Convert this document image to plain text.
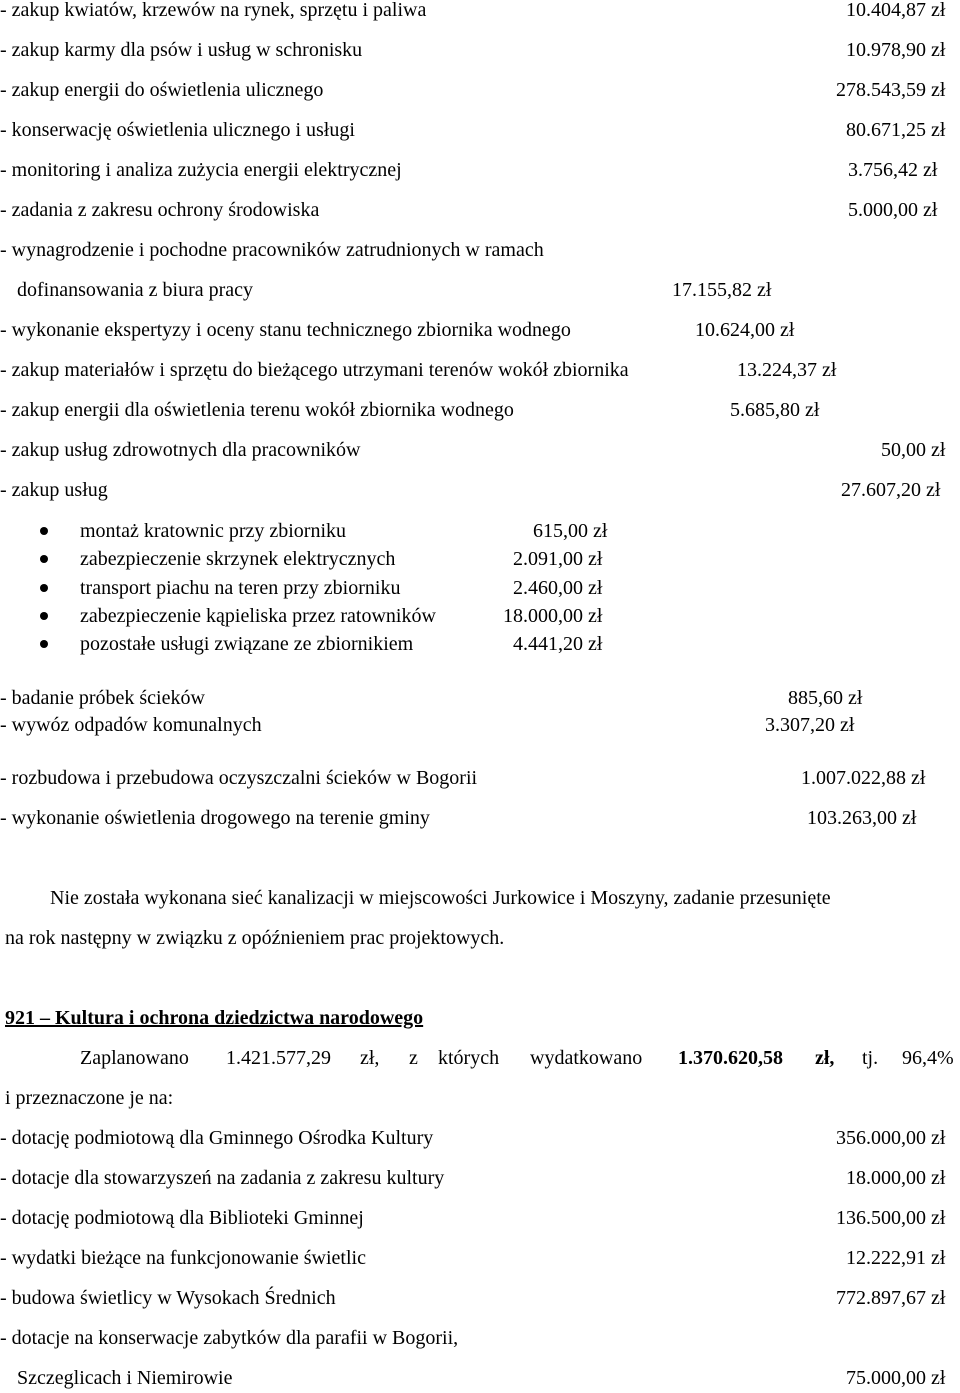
- zakup kwiatów, krzewów na rynek, sprzętu i paliwa	10.404,87 zł
- zakup karmy dla psów i usług w schronisku	10.978,90 zł
- zakup energii do oświetlenia ulicznego	278.543,59 zł
- konserwację oświetlenia ulicznego i usługi	80.671,25 zł
- monitoring i analiza zużycia energii elektrycznej	3.756,42 zł
- zadania z zakresu ochrony środowiska	5.000,00 zł
- wynagrodzenie i pochodne pracowników zatrudnionych w ramach
dofinansowania z biura pracy	17.155,82 zł
- wykonanie ekspertyzy i oceny stanu technicznego zbiornika wodnego	10.624,00 zł
- zakup materiałów i sprzętu do bieżącego utrzymani terenów wokół zbiornika	13.224,37 zł
- zakup energii dla oświetlenia terenu wokół zbiornika wodnego	5.685,80 zł
- zakup usług zdrowotnych dla pracowników	50,00 zł
- zakup usług	27.607,20 zł
montaż kratownic przy zbiorniku	615,00 zł
zabezpieczenie skrzynek elektrycznych	2.091,00 zł
transport piachu na teren przy zbiorniku	2.460,00 zł
zabezpieczenie kąpieliska przez ratowników	18.000,00 zł
pozostałe usługi związane ze zbiornikiem	4.441,20 zł
- badanie próbek ścieków	885,60 zł
- wywóz odpadów komunalnych	3.307,20 zł
- rozbudowa i przebudowa oczyszczalni ścieków w Bogorii	1.007.022,88 zł
- wykonanie oświetlenia drogowego na terenie gminy	103.263,00 zł
Nie została wykonana sieć kanalizacji w miejscowości Jurkowice i Moszyny, zadanie przesunięte
na rok następny w związku z opóźnieniem prac projektowych.
921 – Kultura i ochrona dziedzictwa narodowego
Zaplanowano 1.421.577,29 zł, z których wydatkowano 1.370.620,58 zł, tj. 96,4%
i przeznaczone je na:
- dotację podmiotową dla Gminnego Ośrodka Kultury	356.000,00 zł
- dotacje dla stowarzyszeń na zadania z zakresu kultury	18.000,00 zł
- dotację podmiotową dla Biblioteki Gminnej	136.500,00 zł
- wydatki bieżące na funkcjonowanie świetlic	12.222,91 zł
- budowa świetlicy w Wysokach Średnich	772.897,67 zł
- dotacje na konserwacje zabytków dla parafii w Bogorii,
Szczeglicach i Niemirowie	75.000,00 zł
